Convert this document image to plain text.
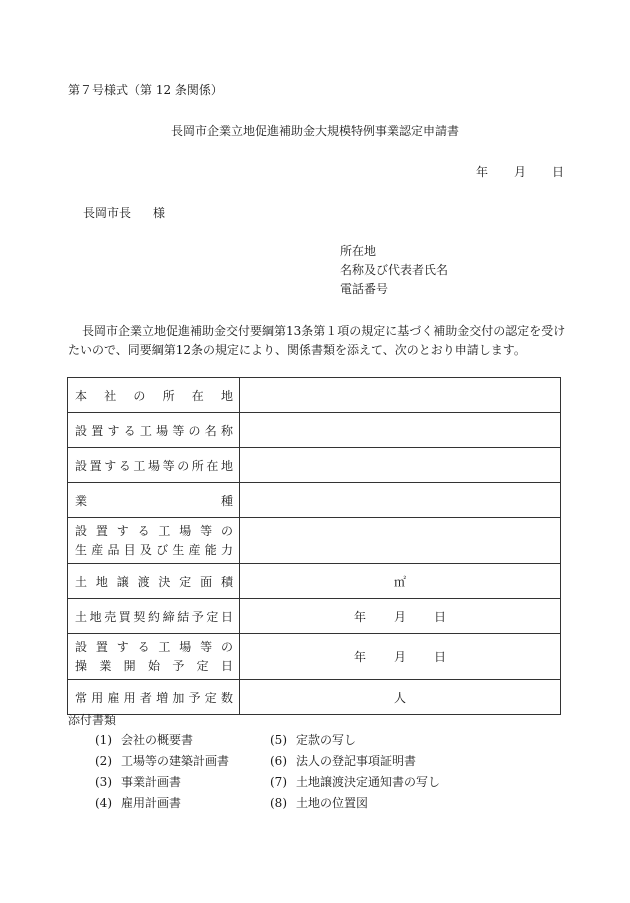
第７号様式（第 12 条関係）
長岡市企業立地促進補助金大規模特例事業認定申請書
年 月 日
長岡市長 様
所在地
名称及び代表者氏名
電話番号
長岡市企業立地促進補助金交付要綱第13条第１項の規定に基づく補助金交付の認定を受けたいので、同要綱第12条の規定により、関係書類を添えて、次のとおり申請します。
本社の所在地	

設置する工場等の名称	

設置する工場等の所在地	

業 種	

設置する工場等の
生産品目及び生産能力	

土地譲渡決定面積	㎡

土地売買契約締結予定日	年 月 日

設置する工場等の
操業開始予定日	年 月 日

常用雇用者増加予定数	人
添付書類
(1) 会社の概要書	(5) 定款の写し
(2) 工場等の建築計画書	(6) 法人の登記事項証明書
(3) 事業計画書	(7) 土地譲渡決定通知書の写し
(4) 雇用計画書	(8) 土地の位置図
